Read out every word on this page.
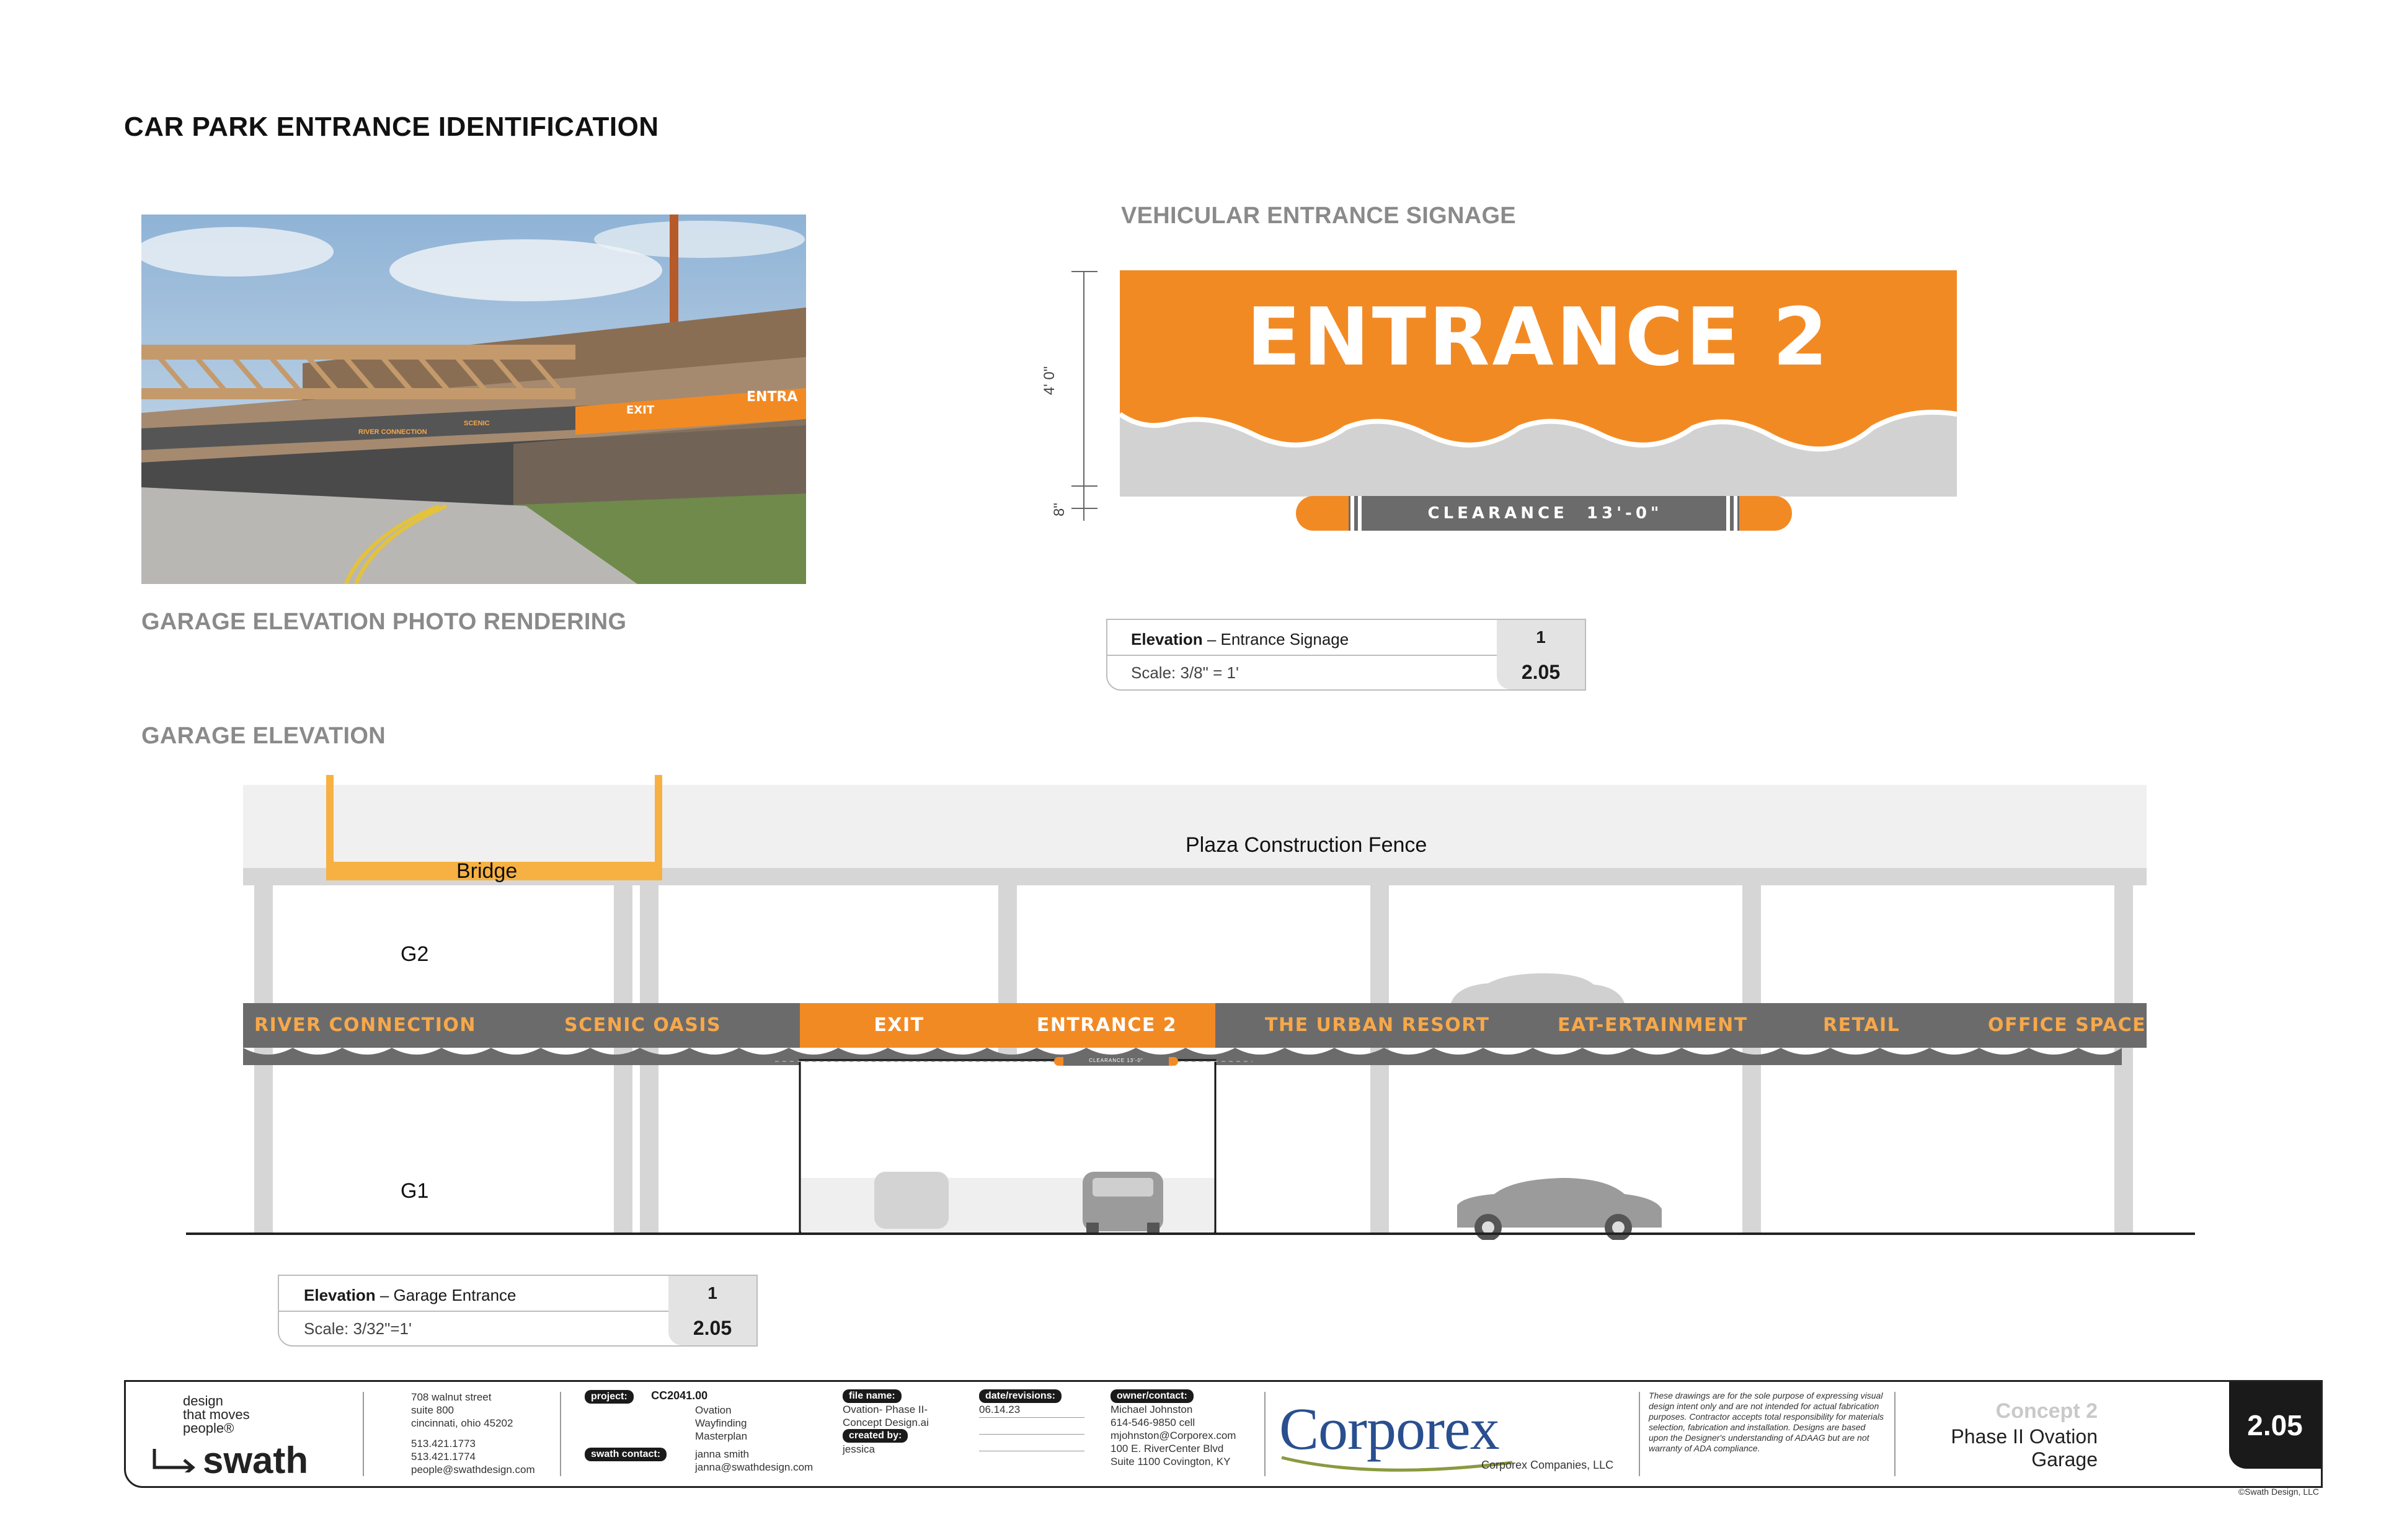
CAR PARK ENTRANCE IDENTIFICATION
EXIT
ENTRA
RIVER CONNECTION
SCENIC
GARAGE ELEVATION PHOTO RENDERING
VEHICULAR ENTRANCE SIGNAGE
ENTRANCE 2
CLEARANCE  13'-0"
4' 0"
8"
Elevation – Entrance Signage	1
Scale: 3/8" = 1'	2.05
GARAGE ELEVATION
Plaza Construction Fence
Bridge
G2
G1
RIVER CONNECTION	SCENIC OASIS	EXIT	ENTRANCE 2	THE URBAN RESORT	EAT-ERTAINMENT	RETAIL	OFFICE SPACE
CLEARANCE 13'-0"
Elevation – Garage Entrance	1
Scale: 3/32"=1'	2.05
design
that moves
people®
swath
708 walnut street
suite 800
cincinnati, ohio 45202
513.421.1773
513.421.1774
people@swathdesign.com
project: CC2041.00
Ovation
Wayfinding Masterplan
swath contact:	janna smith
janna@swathdesign.com
file name:
Ovation- Phase II-
Concept Design.ai
created by:
jessica
date/revisions:
06.14.23
owner/contact:
Michael Johnston
614-546-9850 cell
mjohnston@Corporex.com
100 E. RiverCenter Blvd
Suite 1100 Covington, KY Corporex
Corporex Companies, LLC
These drawings are for the sole purpose of expressing visual design intent only and are not intended for actual fabrication purposes. Contractor accepts total responsibility for materials selection, fabrication and installation. Designs are based upon the Designer's understanding of ADAAG but are not warranty of ADA compliance.
Concept 2
Phase II Ovation Garage
2.05
©Swath Design, LLC
